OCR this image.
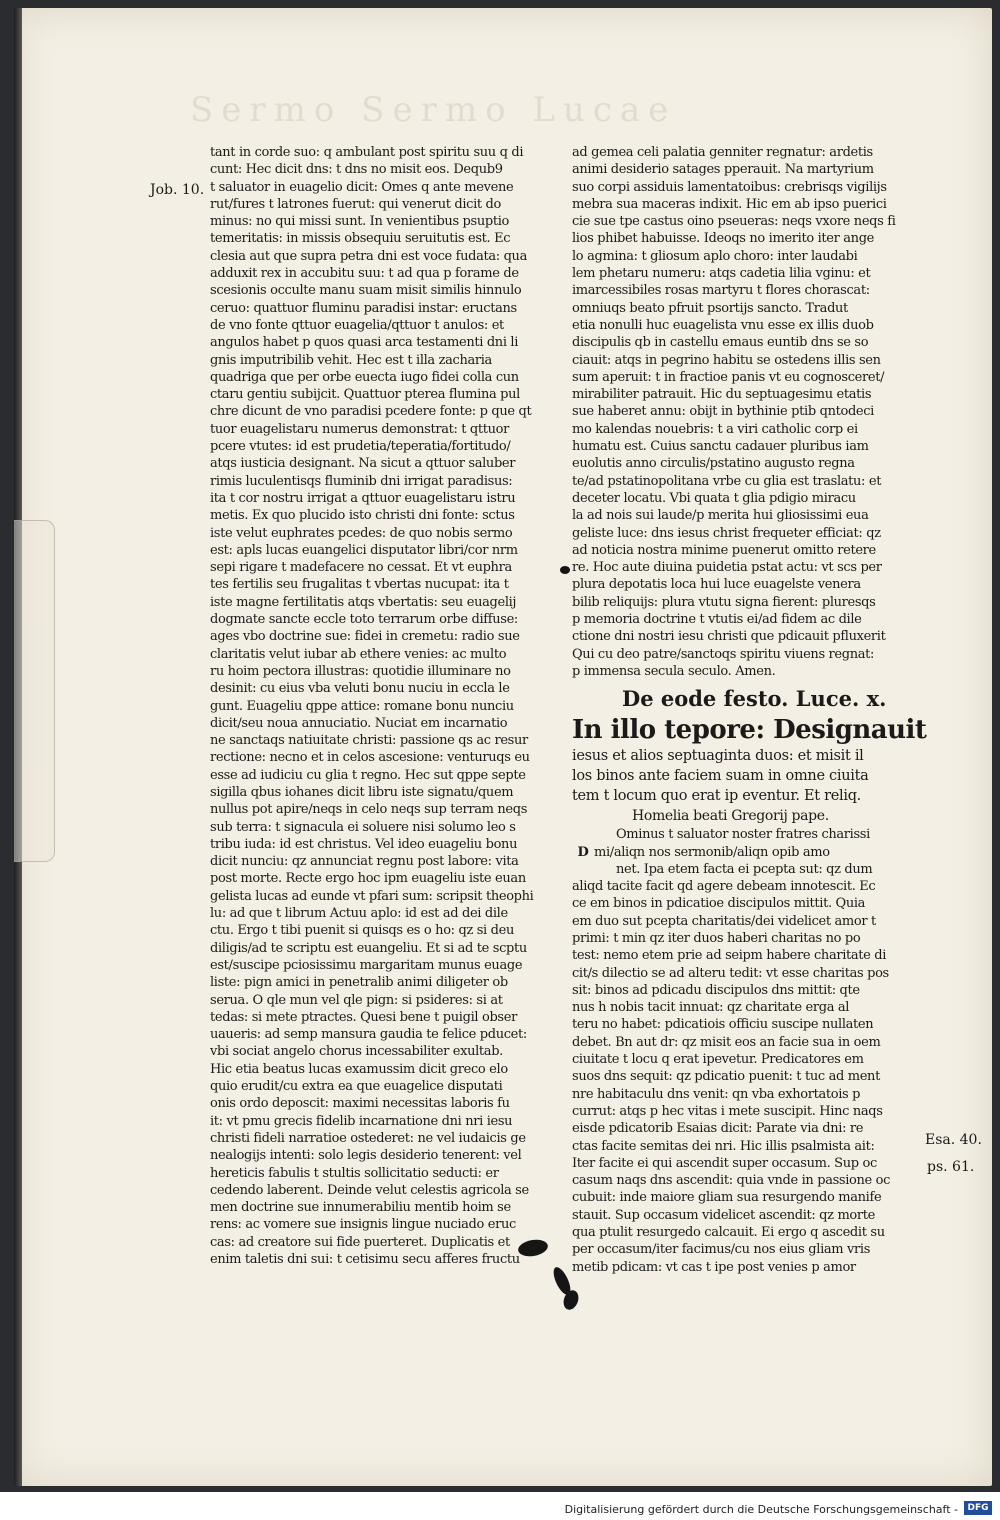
Sermo Sermo Lucae
Job. 10.
Esa. 40.
ps. 61.
tant in corde suo: q ambulant post spiritu suu q di
cunt: Hec dicit dns: t dns no misit eos. Dequb9
t saluator in euagelio dicit: Omes q ante mevene
rut/fures t latrones fuerut: qui venerut dicit do
minus: no qui missi sunt. In venientibus psuptio
temeritatis: in missis obsequiu seruitutis est. Ec
clesia aut que supra petra dni est voce fudata: qua
adduxit rex in accubitu suu: t ad qua p forame de
scesionis occulte manu suam misit similis hinnulo
ceruo: quattuor fluminu paradisi instar: eructans
de vno fonte qttuor euagelia/qttuor t anulos: et
angulos habet p quos quasi arca testamenti dni li
gnis imputribilib vehit. Hec est t illa zacharia
quadriga que per orbe euecta iugo fidei colla cun
ctaru gentiu subijcit. Quattuor pterea flumina pul
chre dicunt de vno paradisi pcedere fonte: p que qt
tuor euagelistaru numerus demonstrat: t qttuor
pcere vtutes: id est prudetia/teperatia/fortitudo/
atqs iusticia designant. Na sicut a qttuor saluber
rimis luculentisqs fluminib dni irrigat paradisus:
ita t cor nostru irrigat a qttuor euagelistaru istru
metis. Ex quo plucido isto christi dni fonte: sctus
iste velut euphrates pcedes: de quo nobis sermo
est: apls lucas euangelici disputator libri/cor nrm
sepi rigare t madefacere no cessat. Et vt euphra
tes fertilis seu frugalitas t vbertas nucupat: ita t
iste magne fertilitatis atqs vbertatis: seu euagelij
dogmate sancte eccle toto terrarum orbe diffuse:
ages vbo doctrine sue: fidei in cremetu: radio sue
claritatis velut iubar ab ethere venies: ac multo
ru hoim pectora illustras: quotidie illuminare no
desinit: cu eius vba veluti bonu nuciu in eccla le
gunt. Euageliu qppe attice: romane bonu nunciu
dicit/seu noua annuciatio. Nuciat em incarnatio
ne sanctaqs natiuitate christi: passione qs ac resur
rectione: necno et in celos ascesione: venturuqs eu
esse ad iudiciu cu glia t regno. Hec sut qppe septe
sigilla qbus iohanes dicit libru iste signatu/quem
nullus pot apire/neqs in celo neqs sup terram neqs
sub terra: t signacula ei soluere nisi solumo leo s
tribu iuda: id est christus. Vel ideo euageliu bonu
dicit nunciu: qz annunciat regnu post labore: vita
post morte. Recte ergo hoc ipm euageliu iste euan
gelista lucas ad eunde vt pfari sum: scripsit theophi
lu: ad que t librum Actuu aplo: id est ad dei dile
ctu. Ergo t tibi puenit si quisqs es o ho: qz si deu
diligis/ad te scriptu est euangeliu. Et si ad te scptu
est/suscipe pciosissimu margaritam munus euage
liste: pign amici in penetralib animi diligeter ob
serua. O qle mun vel qle pign: si psideres: si at
tedas: si mete ptractes. Quesi bene t puigil obser
uaueris: ad semp mansura gaudia te felice pducet:
vbi sociat angelo chorus incessabiliter exultab.
Hic etia beatus lucas examussim dicit greco elo
quio erudit/cu extra ea que euagelice disputati
onis ordo deposcit: maximi necessitas laboris fu
it: vt pmu grecis fidelib incarnatione dni nri iesu
christi fideli narratioe ostederet: ne vel iudaicis ge
nealogijs intenti: solo legis desiderio tenerent: vel
hereticis fabulis t stultis sollicitatio seducti: er
cedendo laberent. Deinde velut celestis agricola se
men doctrine sue innumerabiliu mentib hoim se
rens: ac vomere sue insignis lingue nuciado eruc
cas: ad creatore sui fide puerteret. Duplicatis et
enim taletis dni sui: t cetisimu secu afferes fructu
ad gemea celi palatia genniter regnatur: ardetis
animi desiderio satages pperauit. Na martyrium
suo corpi assiduis lamentatoibus: crebrisqs vigilijs
mebra sua maceras indixit. Hic em ab ipso puerici
cie sue tpe castus oino pseueras: neqs vxore neqs fi
lios phibet habuisse. Ideoqs no imerito iter ange
lo agmina: t gliosum aplo choro: inter laudabi
lem phetaru numeru: atqs cadetia lilia vginu: et
imarcessibiles rosas martyru t flores chorascat:
omniuqs beato pfruit psortijs sancto. Tradut
etia nonulli huc euagelista vnu esse ex illis duob
discipulis qb in castellu emaus euntib dns se so
ciauit: atqs in pegrino habitu se ostedens illis sen
sum aperuit: t in fractioe panis vt eu cognosceret/
mirabiliter patrauit. Hic du septuagesimu etatis
sue haberet annu: obijt in bythinie ptib qntodeci
mo kalendas nouebris: t a viri catholic corp ei
humatu est. Cuius sanctu cadauer pluribus iam
euolutis anno circulis/pstatino augusto regna
te/ad pstatinopolitana vrbe cu glia est traslatu: et
deceter locatu. Vbi quata t glia pdigio miracu
la ad nois sui laude/p merita hui gliosissimi eua
geliste luce: dns iesus christ frequeter efficiat: qz
ad noticia nostra minime puenerut omitto retere
re. Hoc aute diuina puidetia pstat actu: vt scs per
plura depotatis loca hui luce euagelste venera
bilib reliquijs: plura vtutu signa fierent: pluresqs
p memoria doctrine t vtutis ei/ad fidem ac dile
ctione dni nostri iesu christi que pdicauit pfluxerit
Qui cu deo patre/sanctoqs spiritu viuens regnat:
p immensa secula seculo. Amen.
De eode festo. Luce. x.
In illo tepore: Designauit
iesus et alios septuaginta duos: et misit il
los binos ante faciem suam in omne ciuita
tem t locum quo erat ip eventur. Et reliq.
Homelia beati Gregorij pape.
Ominus t saluator noster fratres charissi
D mi/aliqn nos sermonib/aliqn opib amo
net. Ipa etem facta ei pcepta sut: qz dum
aliqd tacite facit qd agere debeam innotescit. Ec
ce em binos in pdicatioe discipulos mittit. Quia
em duo sut pcepta charitatis/dei videlicet amor t
primi: t min qz iter duos haberi charitas no po
test: nemo etem prie ad seipm habere charitate di
cit/s dilectio se ad alteru tedit: vt esse charitas pos
sit: binos ad pdicadu discipulos dns mittit: qte
nus h nobis tacit innuat: qz charitate erga al
teru no habet: pdicatiois officiu suscipe nullaten
debet. Bn aut dr: qz misit eos an facie sua in oem
ciuitate t locu q erat ipevetur. Predicatores em
suos dns sequit: qz pdicatio puenit: t tuc ad ment
nre habitaculu dns venit: qn vba exhortatois p
currut: atqs p hec vitas i mete suscipit. Hinc naqs
eisde pdicatorib Esaias dicit: Parate via dni: re
ctas facite semitas dei nri. Hic illis psalmista ait:
Iter facite ei qui ascendit super occasum. Sup oc
casum naqs dns ascendit: quia vnde in passione oc
cubuit: inde maiore gliam sua resurgendo manife
stauit. Sup occasum videlicet ascendit: qz morte
qua ptulit resurgedo calcauit. Ei ergo q ascedit su
per occasum/iter facimus/cu nos eius gliam vris
metib pdicam: vt cas t ipe post venies p amor
Digitalisierung gefördert durch die Deutsche Forschungsgemeinschaft -	DFG
